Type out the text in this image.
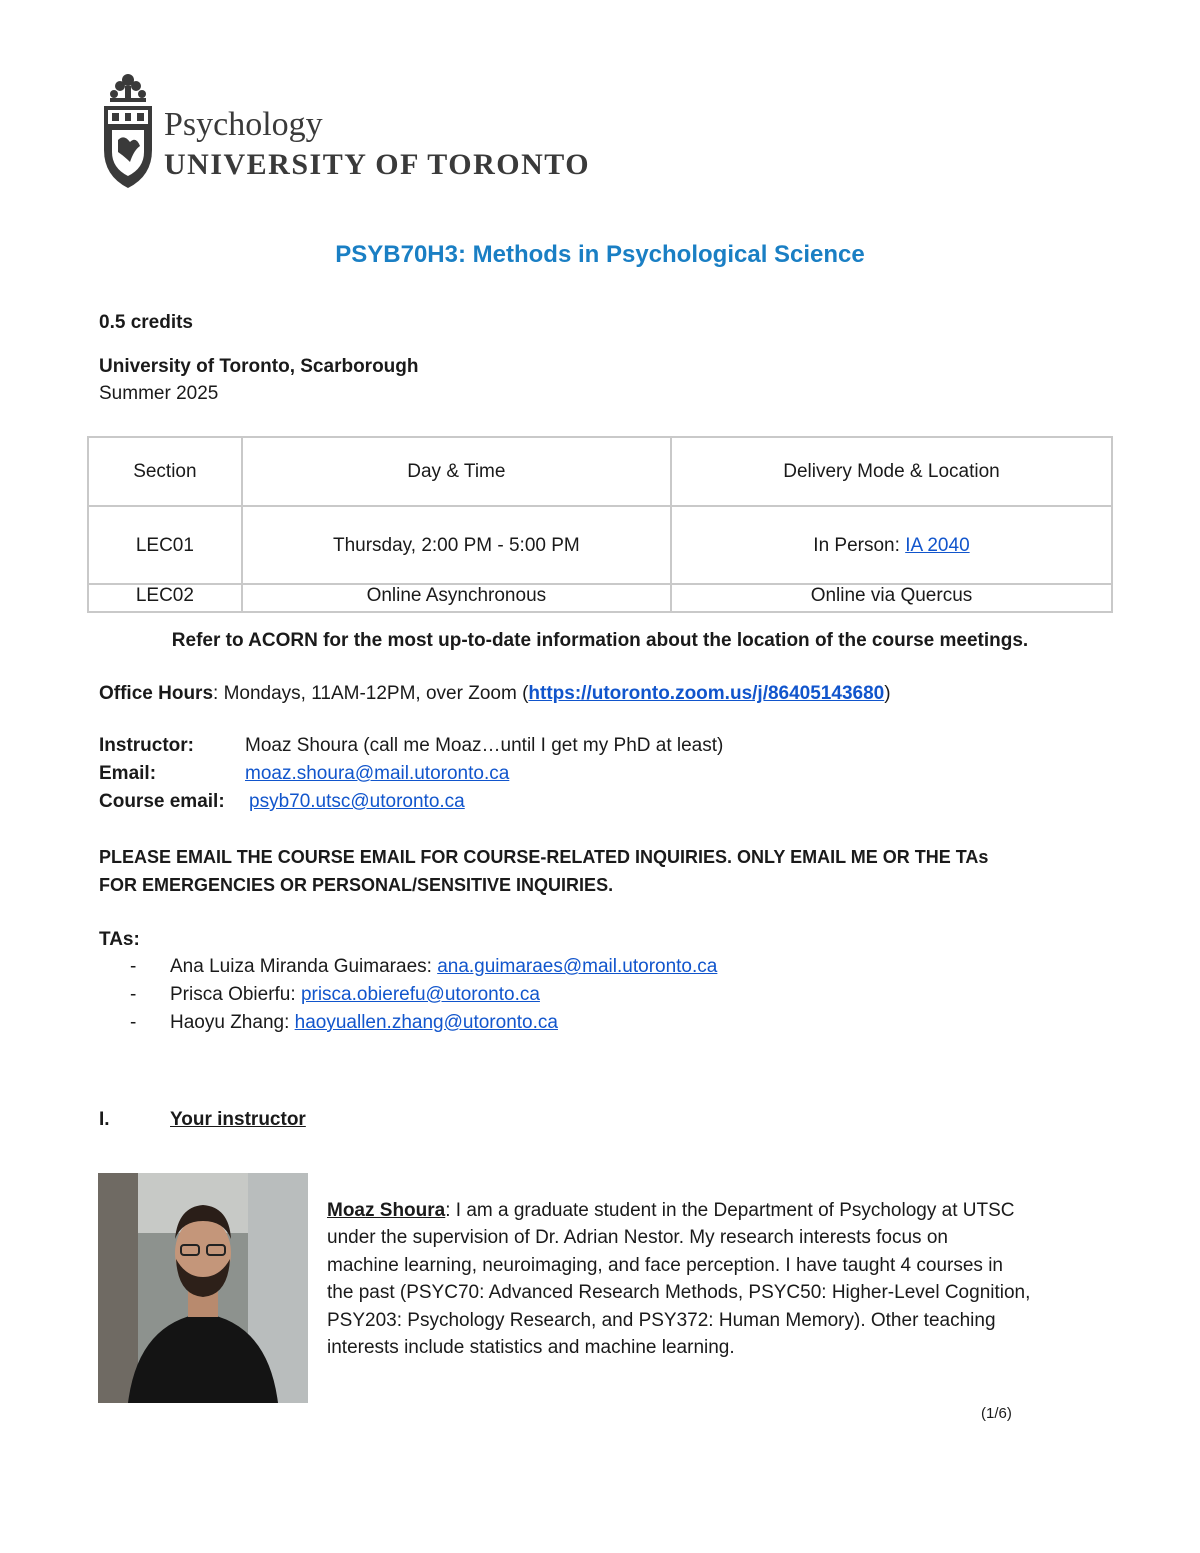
Psychology
UNIVERSITY OF TORONTO
PSYB70H3: Methods in Psychological Science
0.5 credits
University of Toronto, Scarborough
Summer 2025
Section	Day & Time	Delivery Mode & Location
LEC01	Thursday, 2:00 PM - 5:00 PM	In Person: IA 2040
LEC02	Online Asynchronous	Online via Quercus
Refer to ACORN for the most up-to-date information about the location of the course meetings.
Office Hours: Mondays, 11AM-12PM, over Zoom (https://utoronto.zoom.us/j/86405143680)
Instructor:	Moaz Shoura (call me Moaz…until I get my PhD at least)
Email:	moaz.shoura@mail.utoronto.ca
Course email: psyb70.utsc@utoronto.ca
PLEASE EMAIL THE COURSE EMAIL FOR COURSE-RELATED INQUIRIES. ONLY EMAIL ME OR THE TAs
FOR EMERGENCIES OR PERSONAL/SENSITIVE INQUIRIES.
TAs:
- Ana Luiza Miranda Guimaraes: ana.guimaraes@mail.utoronto.ca
- Prisca Obierfu: prisca.obierefu@utoronto.ca
- Haoyu Zhang: haoyuallen.zhang@utoronto.ca
I.	Your instructor
Moaz Shoura: I am a graduate student in the Department of Psychology at UTSC
under the supervision of Dr. Adrian Nestor. My research interests focus on
machine learning, neuroimaging, and face perception. I have taught 4 courses in
the past (PSYC70: Advanced Research Methods, PSYC50: Higher-Level Cognition,
PSY203: Psychology Research, and PSY372: Human Memory). Other teaching
interests include statistics and machine learning.
(1/6)
